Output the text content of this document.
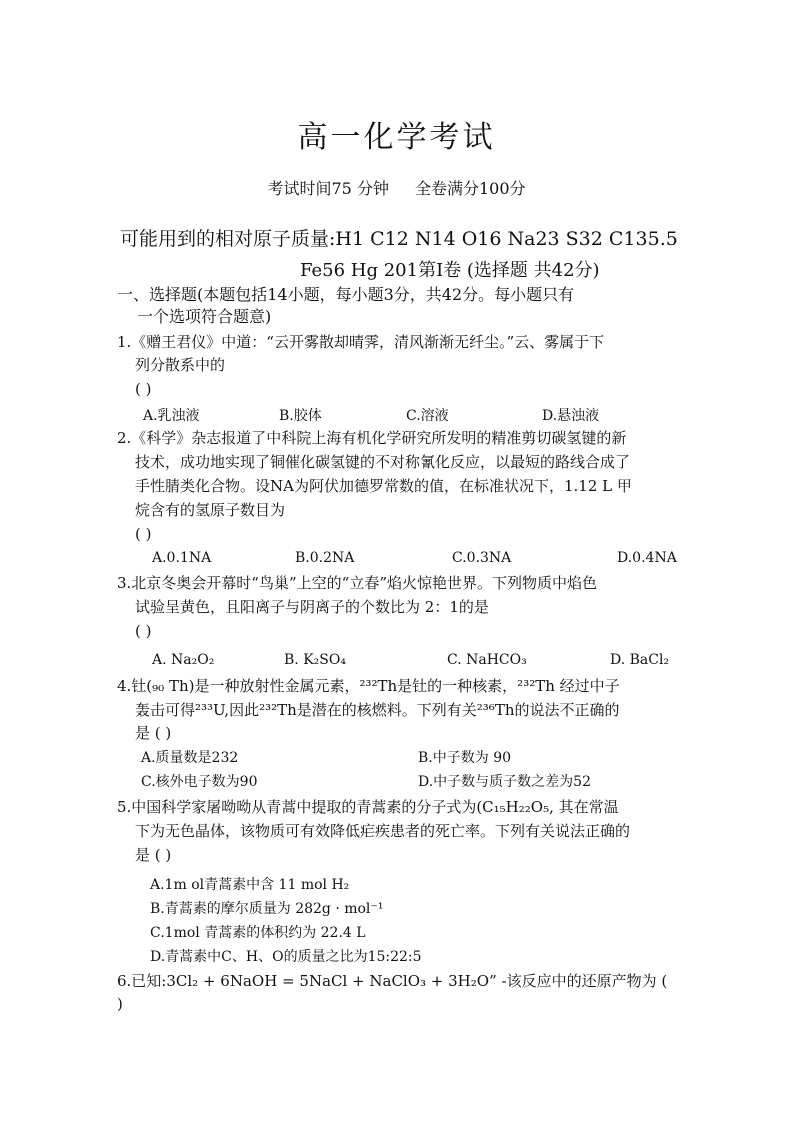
高一化学考试
考试时间75 分钟 全卷满分100分
可能用到的相对原子质量:H1 C12 N14 O16 Na23 S32 C135.5
Fe56 Hg 201第Ⅰ卷 (选择题 共42分)
一、选择题(本题包括14小题，每小题3分，共42分。每小题只有
一个选项符合题意)
1.《赠王君仪》中道：“云开雾散却晴霁，清风渐渐无纤尘。”云、雾属于下
列分散系中的
( )
A.乳浊液	B.胶体	C.溶液	D.悬浊液
2.《科学》杂志报道了中科院上海有机化学研究所发明的精准剪切碳氢键的新
技术，成功地实现了铜催化碳氢键的不对称氰化反应，以最短的路线合成了
手性腈类化合物。设NA为阿伏加德罗常数的值，在标准状况下，1.12 L 甲
烷含有的氢原子数目为
( )
A.0.1NA	B.0.2NA	C.0.3NA	D.0.4NA
3.北京冬奥会开幕时“鸟巢”上空的“立春”焰火惊艳世界。下列物质中焰色
试验呈黄色，且阳离子与阴离子的个数比为 2：1的是
( )
A. Na₂O₂	B. K₂SO₄	C. NaHCO₃	D. BaCl₂
4.钍(₉₀ Th)是一种放射性金属元素，²³²Th是钍的一种核素，²³²Th 经过中子
轰击可得²³³U,因此²³²Th是潜在的核燃料。下列有关²³⁶Th的说法不正确的
是 ( )
A.质量数是232	B.中子数为 90
C.核外电子数为90	D.中子数与质子数之差为52
5.中国科学家屠呦呦从青蒿中提取的青蒿素的分子式为(C₁₅H₂₂O₅, 其在常温
下为无色晶体，该物质可有效降低疟疾患者的死亡率。下列有关说法正确的
是 ( )
A.1m ol青蒿素中含 11 mol H₂
B.青蒿素的摩尔质量为 282g · mol⁻¹
C.1mol 青蒿素的体积约为 22.4 L
D.青蒿素中C、H、O的质量之比为15:22:5
6.已知:3Cl₂ + 6NaOH = 5NaCl + NaClO₃ + 3H₂O” -该反应中的还原产物为 (
)
